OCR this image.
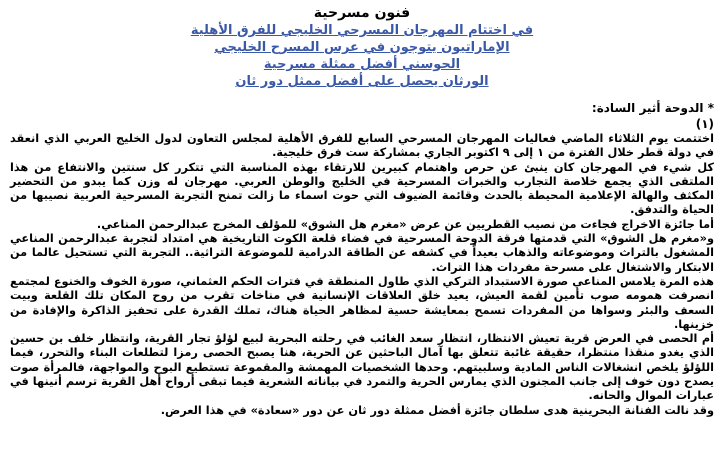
فنون مسرحية
في اختتام المهرجان المسرحي الخليجي للفرق الأهلية
الإماراتيون يتوجون في عرس المسرح الخليجي
الحوسني أفضل ممثلة مسرحية
الورثان يحصل على أفضل ممثل دور ثان
* الدوحة أثير السادة:
(١)

اختتمت يوم الثلاثاء الماضي فعاليات المهرجان المسرحي السابع للفرق الأهلية لمجلس التعاون لدول الخليج العربي الذي انعقد في دولة قطر خلال الفترة من ١ إلى ٩ اكتوبر الجاري بمشاركة ست فرق خليجية.

كل شيء في المهرجان كان ينبئ عن حرص واهتمام كبيرين للارتقاء بهذه المناسبة التي تتكرر كل سنتين والانتفاع من هذا الملتقى الذي يجمع خلاصة التجارب والخبرات المسرحية في الخليج والوطن العربي. مهرجان له وزن كما يبدو من التحضير المكثف والهالة الإعلامية المحيطة بالحدث وقائمة الضيوف التي حوت اسماء ما زالت تمنح التجربة المسرحية العربية نصيبها من الحياة والتدفق.

أما جائزة الاخراج فجاءت من نصيب القطريين عن عرض «مغرم هل الشوق» للمؤلف المخرج عبدالرحمن المناعي.

و«مغرم هل الشوق» التي قدمتها فرقة الدوحة المسرحية في فضاء قلعة الكوت التاريخية هي امتداد لتجربة عبدالرحمن المناعي المشغول بالتراث وموضوعاته والذهاب بعيداً في كشفه عن الطاقة الدرامية للموضوعة التراثية.. التجربة التي تستحيل عالما من الابتكار والاشتغال على مسرحة مفردات هذا التراث.

هذه المرة يلامس المناعي صورة الاستبداد التركي الذي طاول المنطقة في فترات الحكم العثماني، صورة الخوف والخنوع لمجتمع انصرفت همومه صوب تأمين لقمة العيش، يعيد خلق العلاقات الإنسانية في مناخات تقرب من روح المكان تلك القلعة وبيت السعف والبئر وسواها من المفردات تسمح بمعايشة حسية لمظاهر الحياة هناك، تملك القدرة على تحفيز الذاكرة والإفادة من خزينها.

أم الحصى في العرض قرية تعيش الانتظار، انتظار سعد الغائب في رحلته البحرية لبيع لؤلؤ تجار القرية، وانتظار خلف بن حسين الذي يغدو منقذا منتظرا، حقيقة غائبة تتعلق بها آمال الباحثين عن الحرية، هنا يصبح الحصى رمزا لتطلعات البناء والتحرر، فيما اللؤلؤ يلخص انشغالات الناس المادية وسلبيتهم. وحدها الشخصيات المهمشة والمقموعة تستطيع البوح والمواجهة، فالمرأة صوت يصدح دون خوف إلى جانب المجنون الذي يمارس الحرية والتمرد في بياناته الشعرية فيما تبقى أرواح أهل القرية ترسم أنينها في عبارات الموال والحانه.

وقد نالت الفنانة البحرينية هدى سلطان جائزة أفضل ممثلة دور ثان عن دور «سعادة» في هذا العرض.
